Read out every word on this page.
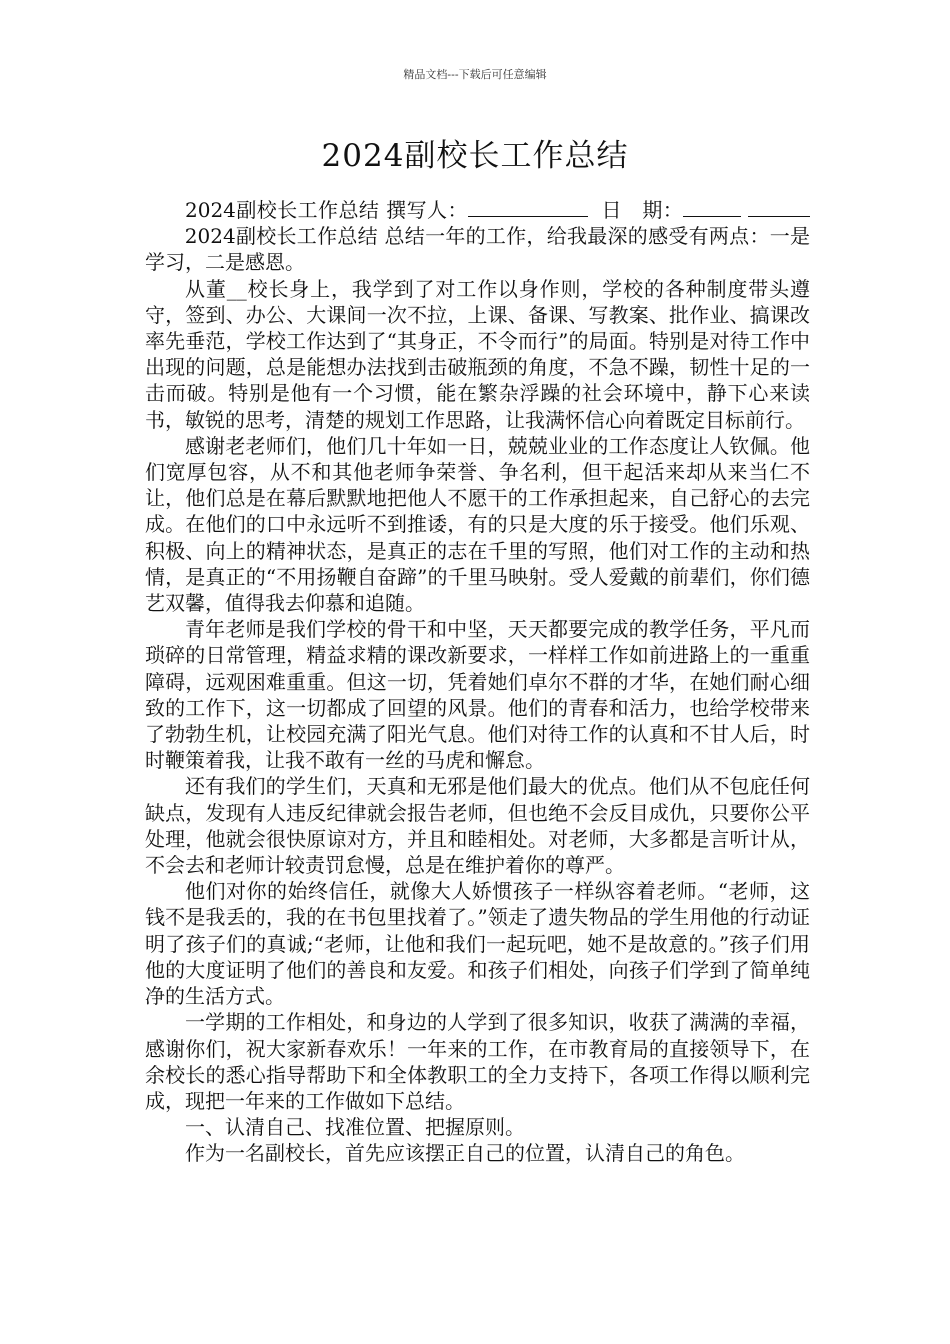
精品文档---下载后可任意编辑
2024副校长工作总结

2024副校长工作总结 撰写人：	日　期：       2024副校长工作总结 总结一年的工作，给我最深的感受有两点：一是学习，二是感恩。

从董__校长身上，我学到了对工作以身作则，学校的各种制度带头遵守，签到、办公、大课间一次不拉，上课、备课、写教案、批作业、搞课改率先垂范，学校工作达到了“其身正，不令而行”的局面。特别是对待工作中出现的问题，总是能想办法找到击破瓶颈的角度，不急不躁，韧性十足的一击而破。特别是他有一个习惯，能在繁杂浮躁的社会环境中，静下心来读书，敏锐的思考，清楚的规划工作思路，让我满怀信心向着既定目标前行。

感谢老老师们，他们几十年如一日，兢兢业业的工作态度让人钦佩。他们宽厚包容，从不和其他老师争荣誉、争名利，但干起活来却从来当仁不让，他们总是在幕后默默地把他人不愿干的工作承担起来，自己舒心的去完成。在他们的口中永远听不到推诿，有的只是大度的乐于接受。他们乐观、积极、向上的精神状态，是真正的志在千里的写照，他们对工作的主动和热情，是真正的“不用扬鞭自奋蹄”的千里马映射。受人爱戴的前辈们，你们德艺双馨，值得我去仰慕和追随。

青年老师是我们学校的骨干和中坚，天天都要完成的教学任务，平凡而琐碎的日常管理，精益求精的课改新要求，一样样工作如前进路上的一重重障碍，远观困难重重。但这一切，凭着她们卓尔不群的才华，在她们耐心细致的工作下，这一切都成了回望的风景。他们的青春和活力，也给学校带来了勃勃生机，让校园充满了阳光气息。他们对待工作的认真和不甘人后，时时鞭策着我，让我不敢有一丝的马虎和懈怠。

还有我们的学生们，天真和无邪是他们最大的优点。他们从不包庇任何缺点，发现有人违反纪律就会报告老师，但也绝不会反目成仇，只要你公平处理，他就会很快原谅对方，并且和睦相处。对老师，大多都是言听计从，不会去和老师计较责罚怠慢，总是在维护着你的尊严。

他们对你的始终信任，就像大人娇惯孩子一样纵容着老师。“老师，这钱不是我丢的，我的在书包里找着了。”领走了遗失物品的学生用他的行动证明了孩子们的真诚;“老师，让他和我们一起玩吧，她不是故意的。”孩子们用他的大度证明了他们的善良和友爱。和孩子们相处，向孩子们学到了简单纯净的生活方式。

一学期的工作相处，和身边的人学到了很多知识，收获了满满的幸福，感谢你们，祝大家新春欢乐！一年来的工作，在市教育局的直接领导下，在余校长的悉心指导帮助下和全体教职工的全力支持下，各项工作得以顺利完成，现把一年来的工作做如下总结。

一、认清自己、找准位置、把握原则。

作为一名副校长，首先应该摆正自己的位置，认清自己的角色。
